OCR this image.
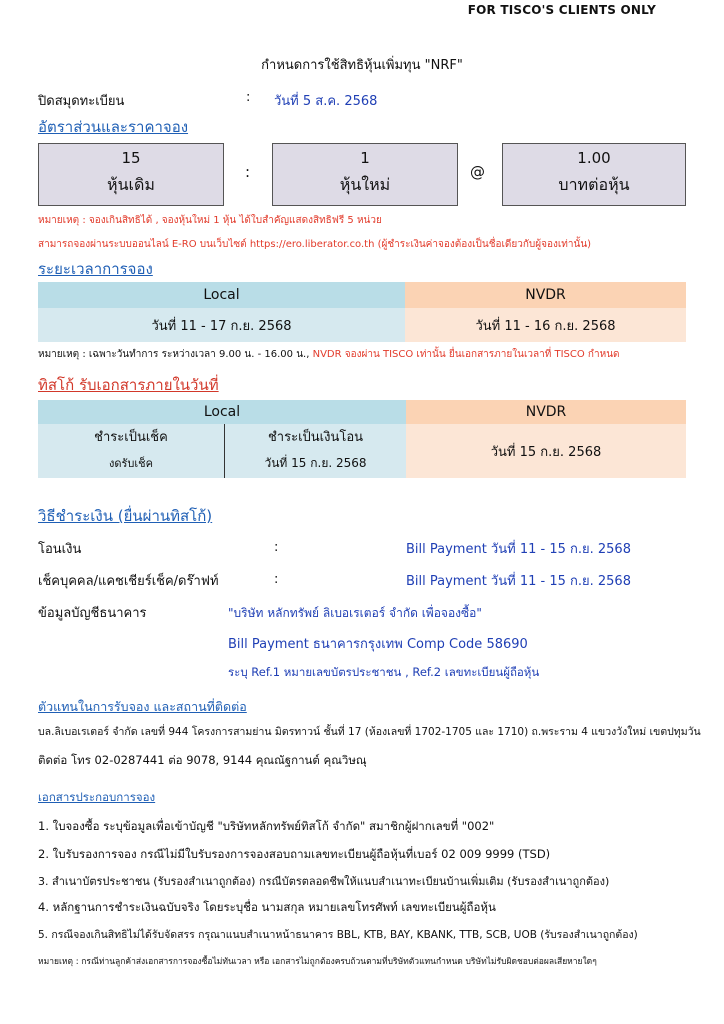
FOR TISCO'S CLIENTS ONLY
กำหนดการใช้สิทธิหุ้นเพิ่มทุน "NRF"
ปิดสมุดทะเบียน	: วันที่ 5 ส.ค. 2568
อัตราส่วนและราคาจอง
15
หุ้นเดิม
:
1
หุ้นใหม่
@
1.00
บาทต่อหุ้น
หมายเหตุ : จองเกินสิทธิได้ , จองหุ้นใหม่ 1 หุ้น ได้ใบสำคัญแสดงสิทธิฟรี 5 หน่วย
สามารถจองผ่านระบบออนไลน์ E-RO บนเว็บไซต์ https://ero.liberator.co.th (ผู้ชำระเงินค่าจองต้องเป็นชื่อเดียวกับผู้จองเท่านั้น)
ระยะเวลาการจอง
Local	NVDR
วันที่ 11 - 17 ก.ย. 2568	วันที่ 11 - 16 ก.ย. 2568
หมายเหตุ : เฉพาะวันทำการ ระหว่างเวลา 9.00 น. - 16.00 น., NVDR จองผ่าน TISCO เท่านั้น ยื่นเอกสารภายในเวลาที่ TISCO กำหนด
ทิสโก้ รับเอกสารภายในวันที่
Local		NVDR
ชำระเป็นเช็ค	ชำระเป็นเงินโอน	วันที่ 15 ก.ย. 2568
งดรับเช็ค	วันที่ 15 ก.ย. 2568	
วิธีชำระเงิน (ยื่นผ่านทิสโก้)
โอนเงิน	:	Bill Payment วันที่ 11 - 15 ก.ย. 2568
เช็คบุคคล/แคชเชียร์เช็ค/ดร๊าฟท์	:	Bill Payment วันที่ 11 - 15 ก.ย. 2568
ข้อมูลบัญชีธนาคาร	"บริษัท หลักทรัพย์ ลิเบอเรเตอร์ จำกัด เพื่อจองซื้อ"
Bill Payment ธนาคารกรุงเทพ Comp Code 58690
ระบุ Ref.1 หมายเลขบัตรประชาชน , Ref.2 เลขทะเบียนผู้ถือหุ้น
ตัวแทนในการรับจอง และสถานที่ติดต่อ
บล.ลิเบอเรเตอร์ จำกัด เลขที่ 944 โครงการสามย่าน มิตรทาวน์ ชั้นที่ 17 (ห้องเลขที่ 1702-1705 และ 1710) ถ.พระราม 4 แขวงวังใหม่ เขตปทุมวัน
ติดต่อ โทร 02-0287441 ต่อ 9078, 9144 คุณณัฐกานต์ คุณวิษณุ
เอกสารประกอบการจอง
1. ใบจองซื้อ ระบุข้อมูลเพื่อเข้าบัญชี "บริษัทหลักทรัพย์ทิสโก้ จำกัด" สมาชิกผู้ฝากเลขที่ "002"
2. ใบรับรองการจอง กรณีไม่มีใบรับรองการจองสอบถามเลขทะเบียนผู้ถือหุ้นที่เบอร์ 02 009 9999 (TSD)
3. สำเนาบัตรประชาชน (รับรองสำเนาถูกต้อง) กรณีบัตรตลอดชีพให้แนบสำเนาทะเบียนบ้านเพิ่มเติม (รับรองสำเนาถูกต้อง)
4. หลักฐานการชำระเงินฉบับจริง โดยระบุชื่อ นามสกุล หมายเลขโทรศัพท์ เลขทะเบียนผู้ถือหุ้น
5. กรณีจองเกินสิทธิไม่ได้รับจัดสรร กรุณาแนบสำเนาหน้าธนาคาร BBL, KTB, BAY, KBANK, TTB, SCB, UOB (รับรองสำเนาถูกต้อง)
หมายเหตุ : กรณีท่านลูกค้าส่งเอกสารการจองซื้อไม่ทันเวลา หรือ เอกสารไม่ถูกต้องครบถ้วนตามที่บริษัทตัวแทนกำหนด บริษัทไม่รับผิดชอบต่อผลเสียหายใดๆ
